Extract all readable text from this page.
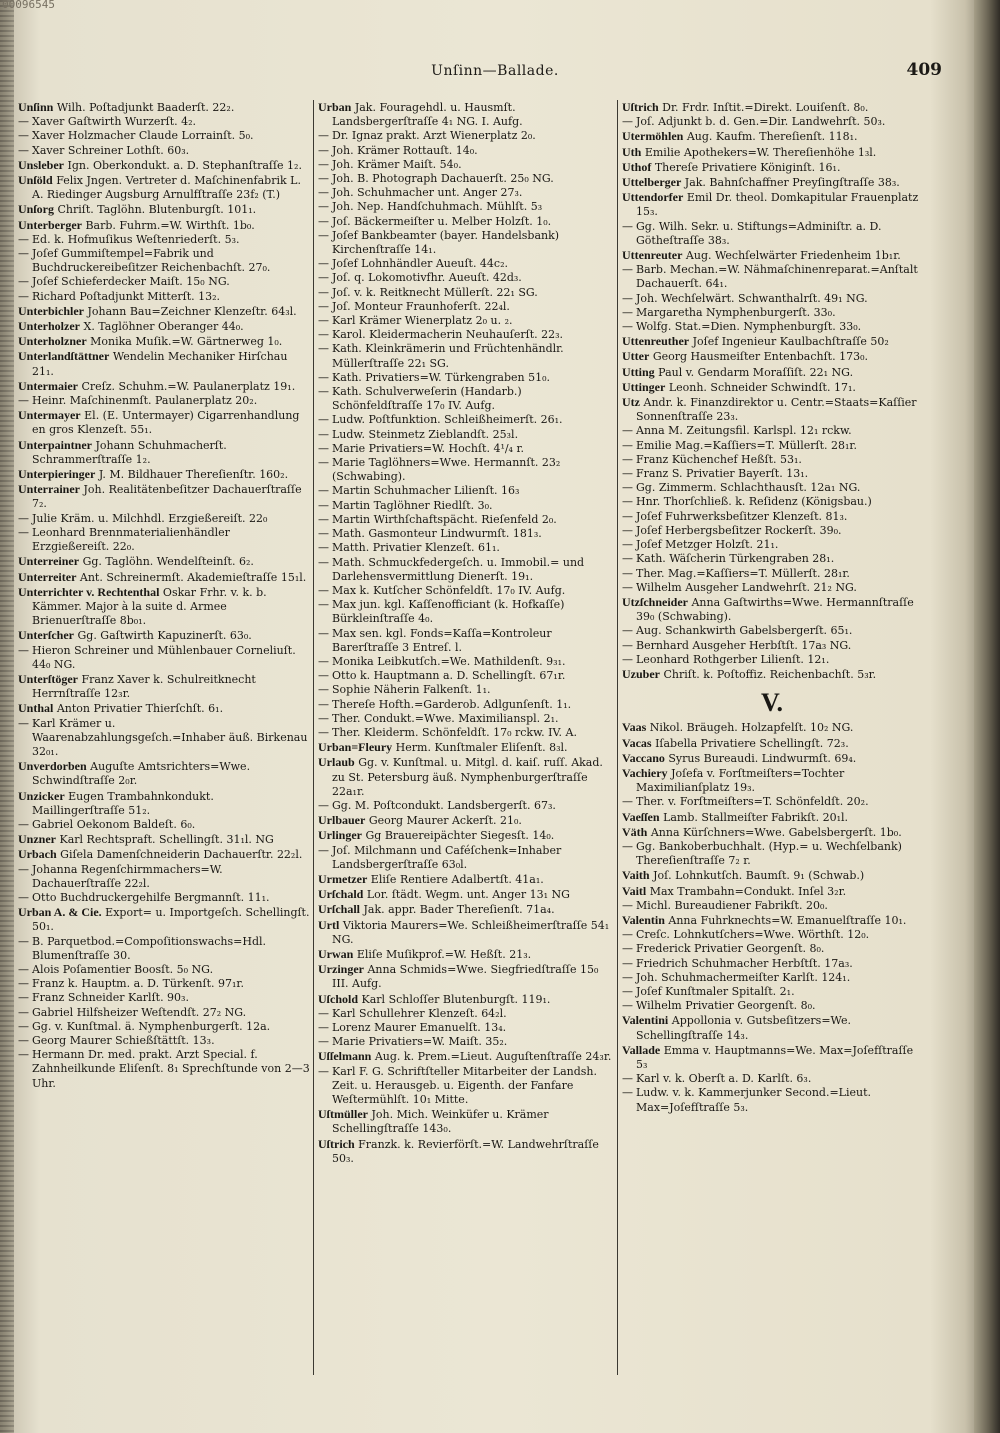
00096545
Unſinn—Ballade.	409

Unſinn Wilh. Poſtadjunkt Baaderſt. 22₂.

— Xaver Gaſtwirth Wurzerſt. 4₂.

— Xaver Holzmacher Claude Lorrainſt. 5₀.

— Xaver Schreiner Lothſt. 60₃.

Unsleber Ign. Oberkondukt. a. D. Stephanſtraſſe 1₂.

Unſöld Felix Jngen. Vertreter d. Maſchinenfabrik L. A. Riedinger Augsburg Arnulfſtraſſe 23f₂ (T.)

Unſorg Chriſt. Taglöhn. Blutenburgſt. 101₁.

Unterberger Barb. Fuhrm.=W. Wirthſt. 1b₀.

— Ed. k. Hofmuſikus Weſtenriederſt. 5₃.

— Joſef Gummiſtempel=Fabrik und Buchdruckereibeſitzer Reichenbachſt. 27₀.

— Joſef Schieferdecker Maiſt. 15₀ NG.

— Richard Poſtadjunkt Mitterſt. 13₂.

Unterbichler Johann Bau=Zeichner Klenzeſtr. 64₃l.

Unterholzer X. Taglöhner Oberanger 44₀.

Unterholzner Monika Muſik.=W. Gärtnerweg 1₀.

Unterlandſtättner Wendelin Mechaniker Hirſchau 21₁.

Untermaier Creſz. Schuhm.=W. Paulanerplatz 19₁.

— Heinr. Maſchinenmſt. Paulanerplatz 20₂.

Untermayer El. (E. Untermayer) Cigarrenhandlung en gros Klenzeſt. 55₁.

Unterpaintner Johann Schuhmacherſt. Schrammerſtraſſe 1₂.

Unterpieringer J. M. Bildhauer Thereſienſtr. 160₂.

Unterrainer Joh. Realitätenbeſitzer Dachauerſtraſſe 7₂.

— Julie Kräm. u. Milchhdl. Erzgießereiſt. 22₀

— Leonhard Brennmaterialienhändler Erzgießereiſt. 22₀.

Unterreiner Gg. Taglöhn. Wendelſteinſt. 6₂.

Unterreiter Ant. Schreinermſt. Akademieſtraſſe 15₁l.

Unterrichter v. Rechtenthal Oskar Frhr. v. k. b. Kämmer. Major à la suite d. Armee Brienuerſtraſſe 8b₀₁.

Unterſcher Gg. Gaſtwirth Kapuzinerſt. 63₀.

— Hieron Schreiner und Mühlenbauer Corneliuſt. 44₀ NG.

Unterſtöger Franz Xaver k. Schulreitknecht Herrnſtraſſe 12₃r.

Unthal Anton Privatier Thierſchſt. 6₁.

— Karl Krämer u. Waarenabzahlungsgeſch.=Inhaber äuß. Birkenau 32₀₁.

Unverdorben Auguſte Amtsrichters=Wwe. Schwindſtraſſe 2₀r.

Unzicker Eugen Trambahnkondukt. Maillingerſtraſſe 51₂.

— Gabriel Oekonom Baldeſt. 6₀.

Unzner Karl Rechtspraft. Schellingſt. 31₁l. NG

Urbach Giſela Damenſchneiderin Dachauerſtr. 22₂l.

— Johanna Regenſchirmmachers=W. Dachauerſtraſſe 22₂l.

— Otto Buchdruckergehilfe Bergmannſt. 11₁.

Urban A. & Cie. Export= u. Importgeſch. Schellingſt. 50₁.

— B. Parquetbod.=Compoſitionswachs=Hdl. Blumenſtraſſe 30.

— Alois Poſamentier Boosſt. 5₀ NG.

— Franz k. Hauptm. a. D. Türkenſt. 97₁r.

— Franz Schneider Karlſt. 90₃.

— Gabriel Hilfsheizer Weſtendſt. 27₂ NG.

— Gg. v. Kunſtmal. ä. Nymphenburgerſt. 12a.

— Georg Maurer Schießſtättſt. 13₃.

— Hermann Dr. med. prakt. Arzt Special. f. Zahnheilkunde Eliſenſt. 8₁ Sprechſtunde von 2—3 Uhr.

Urban Jak. Fouragehdl. u. Hausmſt. Landsbergerſtraſſe 4₁ NG. I. Aufg.

— Dr. Ignaz prakt. Arzt Wienerplatz 2₀.

— Joh. Krämer Rottauſt. 14₀.

— Joh. Krämer Maiſt. 54₀.

— Joh. B. Photograph Dachauerſt. 25₀ NG.

— Joh. Schuhmacher unt. Anger 27₃.

— Joh. Nep. Handſchuhmach. Mühlſt. 5₃

— Joſ. Bäckermeiſter u. Melber Holzſt. 1₀.

— Joſef Bankbeamter (bayer. Handelsbank) Kirchenſtraſſe 14₁.

— Joſef Lohnhändler Aueuſt. 44c₂.

— Joſ. q. Lokomotivfhr. Aueuſt. 42d₃.

— Joſ. v. k. Reitknecht Müllerſt. 22₁ SG.

— Joſ. Monteur Fraunhoferſt. 22₄l.

— Karl Krämer Wienerplatz 2₀ u. ₂.

— Karol. Kleidermacherin Neuhauſerſt. 22₃.

— Kath. Kleinkrämerin und Früchtenhändlr. Müllerſtraſſe 22₁ SG.

— Kath. Privatiers=W. Türkengraben 51₀.

— Kath. Schulverweſerin (Handarb.) Schönfeldſtraſſe 17₀ IV. Aufg.

— Ludw. Poſtfunktion. Schleißheimerſt. 26₁.

— Ludw. Steinmetz Zieblandſt. 25₃l.

— Marie Privatiers=W. Hochſt. 4¹/₄ r.

— Marie Taglöhners=Wwe. Hermannſt. 23₂ (Schwabing).

— Martin Schuhmacher Lilienſt. 16₃

— Martin Taglöhner Riedlſt. 3₀.

— Martin Wirthſchaftspächt. Rieſenfeld 2₀.

— Math. Gasmonteur Lindwurmſt. 181₃.

— Matth. Privatier Klenzeſt. 61₁.

— Math. Schmuckfedergeſch. u. Immobil.= und Darlehensvermittlung Dienerſt. 19₁.

— Max k. Kutſcher Schönfeldſt. 17₀ IV. Aufg.

— Max jun. kgl. Kaſſenofficiant (k. Hofkaſſe) Bürkleinſtraſſe 4₀.

— Max sen. kgl. Fonds=Kaſſa=Kontroleur Barerſtraſſe 3 Entreſ. l.

— Monika Leibkutſch.=We. Mathildenſt. 9₃₁.

— Otto k. Hauptmann a. D. Schellingſt. 67₁r.

— Sophie Näherin Falkenſt. 1₁.

— Thereſe Hofth.=Garderob. Adlgunſenſt. 1₁.

— Ther. Condukt.=Wwe. Maximilianspl. 2₁.

— Ther. Kleiderm. Schönfeldſt. 17₀ rckw. IV. A.

Urban=Fleury Herm. Kunſtmaler Eliſenſt. 8₃l.

Urlaub Gg. v. Kunſtmal. u. Mitgl. d. kaiſ. ruſſ. Akad. zu St. Petersburg äuß. Nymphenburgerſtraſſe 22a₁r.

— Gg. M. Poſtcondukt. Landsbergerſt. 67₃.

Urlbauer Georg Maurer Ackerſt. 21₀.

Urlinger Gg Brauereipächter Siegesſt. 14₀.

— Joſ. Milchmann und Caféſchenk=Inhaber Landsbergerſtraſſe 63₀l.

Urmetzer Eliſe Rentiere Adalbertſt. 41a₁.

Urſchald Lor. ſtädt. Wegm. unt. Anger 13₁ NG

Urſchall Jak. appr. Bader Thereſienſt. 71a₄.

Urtl Viktoria Maurers=We. Schleißheimerſtraſſe 54₁ NG.

Urwan Eliſe Muſikprof.=W. Heßſt. 21₃.

Urzinger Anna Schmids=Wwe. Siegfriedſtraſſe 15₀ III. Aufg.

Uſchold Karl Schloſſer Blutenburgſt. 119₁.

— Karl Schullehrer Klenzeſt. 64₂l.

— Lorenz Maurer Emanuelſt. 13₄.

— Marie Privatiers=W. Maiſt. 35₂.

Uſſelmann Aug. k. Prem.=Lieut. Auguſtenſtraſſe 24₃r.

— Karl F. G. Schriftſteller Mitarbeiter der Landsh. Zeit. u. Herausgeb. u. Eigenth. der Fanfare Weſtermühlſt. 10₁ Mitte.

Uſtmüller Joh. Mich. Weinküfer u. Krämer Schellingſtraſſe 143₀.

Uſtrich Franzk. k. Revierförſt.=W. Landwehrſtraſſe 50₃.

Uſtrich Dr. Frdr. Inſtit.=Direkt. Louiſenſt. 8₀.

— Joſ. Adjunkt b. d. Gen.=Dir. Landwehrſt. 50₃.

Utermöhlen Aug. Kaufm. Thereſienſt. 118₁.

Uth Emilie Apothekers=W. Thereſienhöhe 1₃l.

Uthof Thereſe Privatiere Königinſt. 16₁.

Uttelberger Jak. Bahnſchaffner Preyſingſtraſſe 38₃.

Uttendorfer Emil Dr. theol. Domkapitular Frauenplatz 15₃.

— Gg. Wilh. Sekr. u. Stiftungs=Adminiſtr. a. D. Götheſtraſſe 38₃.

Uttenreuter Aug. Wechſelwärter Friedenheim 1b₁r.

— Barb. Mechan.=W. Nähmaſchinenreparat.=Anſtalt Dachauerſt. 64₁.

— Joh. Wechſelwärt. Schwanthalrſt. 49₁ NG.

— Margaretha Nymphenburgerſt. 33₀.

— Wolfg. Stat.=Dien. Nymphenburgſt. 33₀.

Uttenreuther Joſef Ingenieur Kaulbachſtraſſe 50₂

Utter Georg Hausmeiſter Entenbachſt. 173₀.

Utting Paul v. Gendarm Moraſſiſt. 22₁ NG.

Uttinger Leonh. Schneider Schwindſt. 17₁.

Utz Andr. k. Finanzdirektor u. Centr.=Staats=Kaſſier Sonnenſtraſſe 23₃.

— Anna M. Zeitungsfil. Karlspl. 12₁ rckw.

— Emilie Mag.=Kaſſiers=T. Müllerſt. 28₁r.

— Franz Küchenchef Heßſt. 53₁.

— Franz S. Privatier Bayerſt. 13₁.

— Gg. Zimmerm. Schlachthausſt. 12a₁ NG.

— Hnr. Thorſchließ. k. Reſidenz (Königsbau.)

— Joſef Fuhrwerksbeſitzer Klenzeſt. 81₃.

— Joſef Herbergsbeſitzer Rockerſt. 39₀.

— Joſef Metzger Holzſt. 21₁.

— Kath. Wäſcherin Türkengraben 28₁.

— Ther. Mag.=Kaſſiers=T. Müllerſt. 28₁r.

— Wilhelm Ausgeher Landwehrſt. 21₂ NG.

Utzſchneider Anna Gaſtwirths=Wwe. Hermannſtraſſe 39₀ (Schwabing).

— Aug. Schankwirth Gabelsbergerſt. 65₁.

— Bernhard Ausgeher Herbſtſt. 17a₃ NG.

— Leonhard Rothgerber Lilienſt. 12₁.

Uzuber Chriſt. k. Poſtoffiz. Reichenbachſt. 5₃r.

V.

Vaas Nikol. Bräugeh. Holzapfelſt. 10₂ NG.

Vacas Iſabella Privatiere Schellingſt. 72₃.

Vaccano Syrus Bureaudi. Lindwurmſt. 69₄.

Vachiery Joſefa v. Forſtmeiſters=Tochter Maximilianſplatz 19₃.

— Ther. v. Forſtmeiſters=T. Schönfeldſt. 20₂.

Vaeſſen Lamb. Stallmeiſter Fabrikſt. 20₁l.

Väth Anna Kürſchners=Wwe. Gabelsbergerſt. 1b₀.

— Gg. Bankoberbuchhalt. (Hyp.= u. Wechſelbank) Thereſienſtraſſe 7₂ r.

Vaith Joſ. Lohnkutſch. Baumſt. 9₁ (Schwab.)

Vaitl Max Trambahn=Condukt. Inſel 3₂r.

— Michl. Bureaudiener Fabrikſt. 20₀.

Valentin Anna Fuhrknechts=W. Emanuelſtraſſe 10₁.

— Creſc. Lohnkutſchers=Wwe. Wörthſt. 12₀.

— Frederick Privatier Georgenſt. 8₀.

— Friedrich Schuhmacher Herbſtſt. 17a₃.

— Joh. Schuhmachermeiſter Karlſt. 124₁.

— Joſef Kunſtmaler Spitalſt. 2₁.

— Wilhelm Privatier Georgenſt. 8₀.

Valentini Appollonia v. Gutsbeſitzers=We. Schellingſtraſſe 14₃.

Vallade Emma v. Hauptmanns=We. Max=Joſefſtraſſe 5₃

— Karl v. k. Oberſt a. D. Karlſt. 6₃.

— Ludw. v. k. Kammerjunker Second.=Lieut. Max=Joſefſtraſſe 5₃.
